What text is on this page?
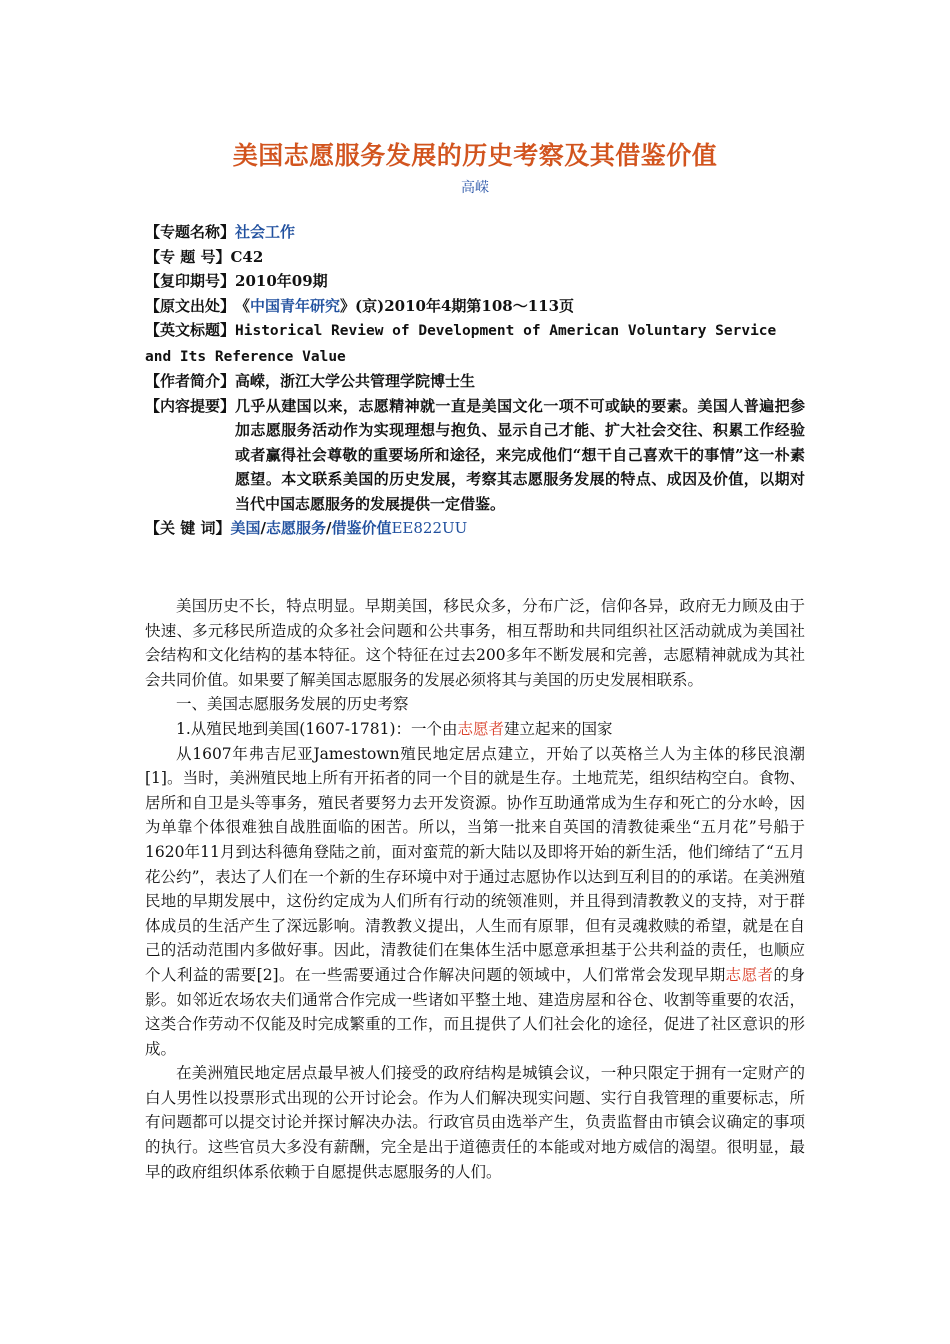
美国志愿服务发展的历史考察及其借鉴价值
高嵘
【专题名称】 社会工作
【专 题 号】 C42
【复印期号】 2010年09期
【原文出处】 《中国青年研究》(京)2010年4期第108～113页
【英文标题】Historical Review of Development of American Voluntary Service and Its Reference Value
【作者简介】 高嵘，浙江大学公共管理学院博士生
【内容提要】 几乎从建国以来，志愿精神就一直是美国文化一项不可或缺的要素。美国人普遍把参加志愿服务活动作为实现理想与抱负、显示自己才能、扩大社会交往、积累工作经验或者赢得社会尊敬的重要场所和途径，来完成他们“想干自己喜欢干的事情”这一朴素愿望。本文联系美国的历史发展，考察其志愿服务发展的特点、成因及价值，以期对当代中国志愿服务的发展提供一定借鉴。
【关 键 词】 美国/志愿服务/借鉴价值EE822UU

美国历史不长，特点明显。早期美国，移民众多，分布广泛，信仰各异，政府无力顾及由于快速、多元移民所造成的众多社会问题和公共事务，相互帮助和共同组织社区活动就成为美国社会结构和文化结构的基本特征。这个特征在过去200多年不断发展和完善，志愿精神就成为其社会共同价值。如果要了解美国志愿服务的发展必须将其与美国的历史发展相联系。

一、美国志愿服务发展的历史考察

1.从殖民地到美国(1607-1781)：一个由志愿者建立起来的国家

从1607年弗吉尼亚Jamestown殖民地定居点建立，开始了以英格兰人为主体的移民浪潮[1]。当时，美洲殖民地上所有开拓者的同一个目的就是生存。土地荒芜，组织结构空白。食物、居所和自卫是头等事务，殖民者要努力去开发资源。协作互助通常成为生存和死亡的分水岭，因为单靠个体很难独自战胜面临的困苦。所以，当第一批来自英国的清教徒乘坐“五月花”号船于1620年11月到达科德角登陆之前，面对蛮荒的新大陆以及即将开始的新生活，他们缔结了“五月花公约”，表达了人们在一个新的生存环境中对于通过志愿协作以达到互利目的的承诺。在美洲殖民地的早期发展中，这份约定成为人们所有行动的统领准则，并且得到清教教义的支持，对于群体成员的生活产生了深远影响。清教教义提出，人生而有原罪，但有灵魂救赎的希望，就是在自己的活动范围内多做好事。因此，清教徒们在集体生活中愿意承担基于公共利益的责任，也顺应个人利益的需要[2]。在一些需要通过合作解决问题的领域中，人们常常会发现早期志愿者的身影。如邻近农场农夫们通常合作完成一些诸如平整土地、建造房屋和谷仓、收割等重要的农活，这类合作劳动不仅能及时完成繁重的工作，而且提供了人们社会化的途径，促进了社区意识的形成。

在美洲殖民地定居点最早被人们接受的政府结构是城镇会议，一种只限定于拥有一定财产的白人男性以投票形式出现的公开讨论会。作为人们解决现实问题、实行自我管理的重要标志，所有问题都可以提交讨论并探讨解决办法。行政官员由选举产生，负责监督由市镇会议确定的事项的执行。这些官员大多没有薪酬，完全是出于道德责任的本能或对地方威信的渴望。很明显，最早的政府组织体系依赖于自愿提供志愿服务的人们。
